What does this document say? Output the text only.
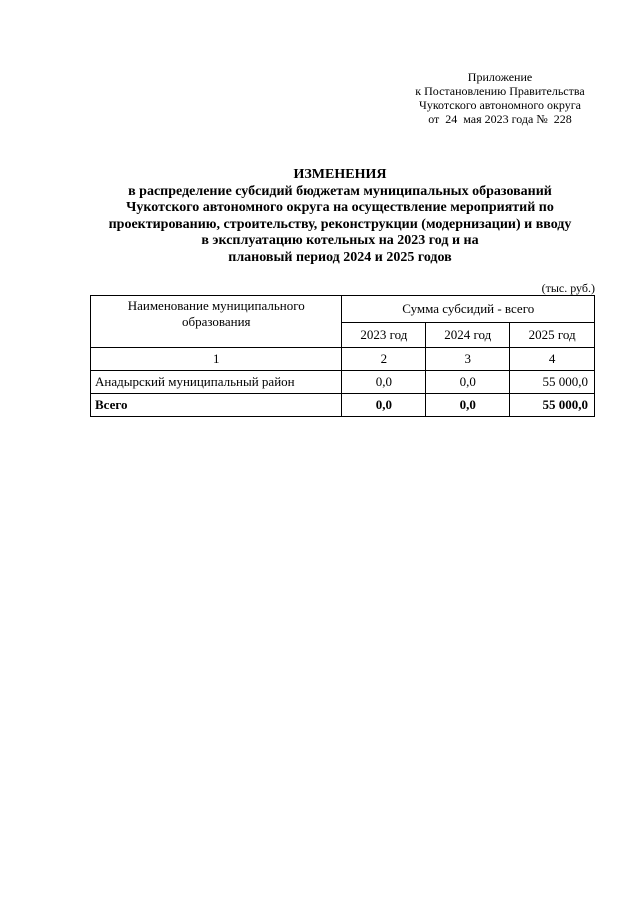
Приложение
к Постановлению Правительства
Чукотского автономного округа
от  24  мая 2023 года №  228
ИЗМЕНЕНИЯ
в распределение субсидий бюджетам муниципальных образований
Чукотского автономного округа на осуществление мероприятий по
проектированию, строительству, реконструкции (модернизации) и вводу
в эксплуатацию котельных на 2023 год и на
плановый период 2024 и 2025 годов
(тыс. руб.)
Наименование муниципального образования	Сумма субсидий - всего		
	2023 год	2024 год	2025 год
1	2	3	4
Анадырский муниципальный район	0,0	0,0	55 000,0
Всего	0,0	0,0	55 000,0
